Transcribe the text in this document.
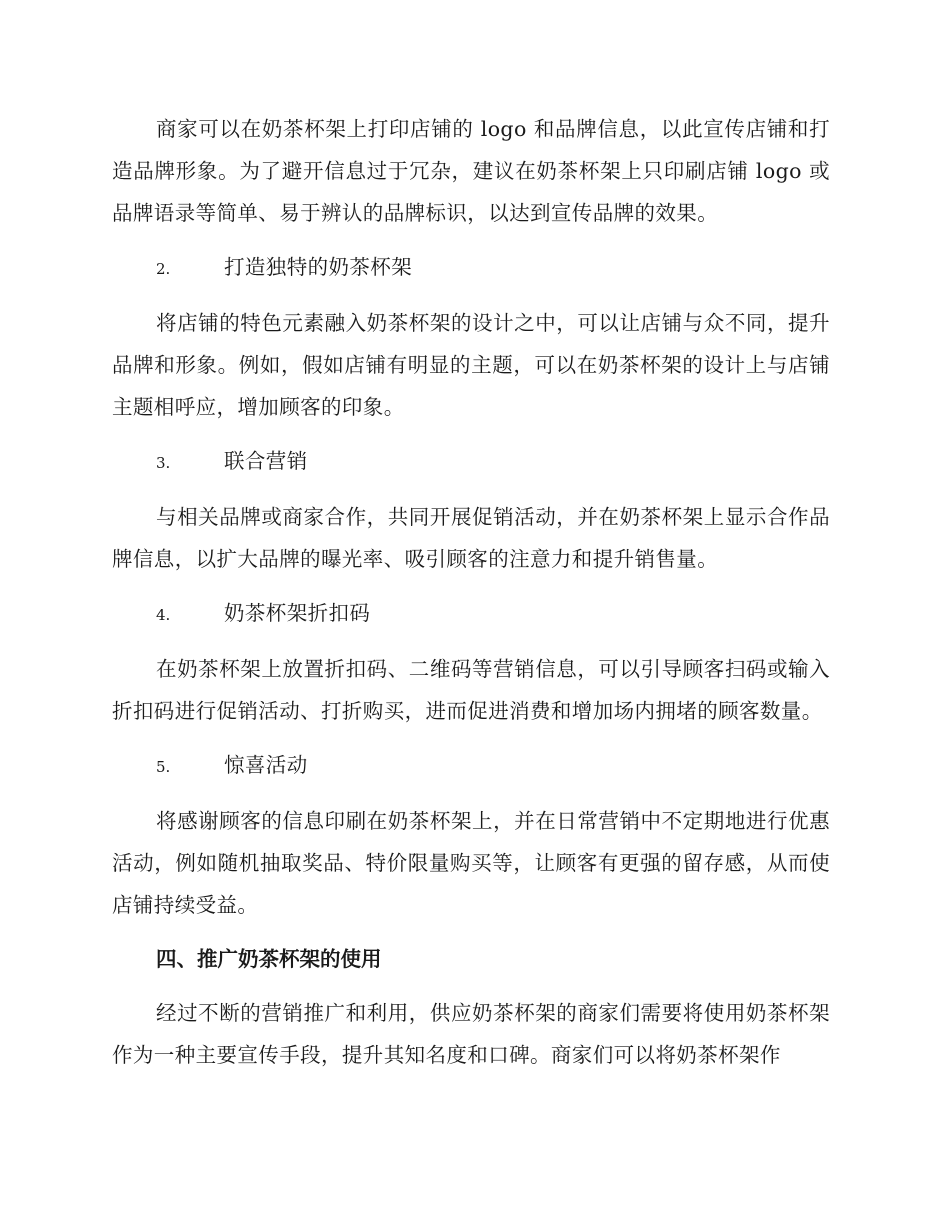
商家可以在奶茶杯架上打印店铺的 logo 和品牌信息，以此宣传店铺和打造品牌形象。为了避开信息过于冗杂，建议在奶茶杯架上只印刷店铺 logo 或品牌语录等简单、易于辨认的品牌标识，以达到宣传品牌的效果。

2.	打造独特的奶茶杯架

将店铺的特色元素融入奶茶杯架的设计之中，可以让店铺与众不同，提升品牌和形象。例如，假如店铺有明显的主题，可以在奶茶杯架的设计上与店铺主题相呼应，增加顾客的印象。

3.	联合营销

与相关品牌或商家合作，共同开展促销活动，并在奶茶杯架上显示合作品牌信息，以扩大品牌的曝光率、吸引顾客的注意力和提升销售量。

4.	奶茶杯架折扣码

在奶茶杯架上放置折扣码、二维码等营销信息，可以引导顾客扫码或输入折扣码进行促销活动、打折购买，进而促进消费和增加场内拥堵的顾客数量。

5.	惊喜活动

将感谢顾客的信息印刷在奶茶杯架上，并在日常营销中不定期地进行优惠活动，例如随机抽取奖品、特价限量购买等，让顾客有更强的留存感，从而使店铺持续受益。

四、推广奶茶杯架的使用

经过不断的营销推广和利用，供应奶茶杯架的商家们需要将使用奶茶杯架作为一种主要宣传手段，提升其知名度和口碑。商家们可以将奶茶杯架作
